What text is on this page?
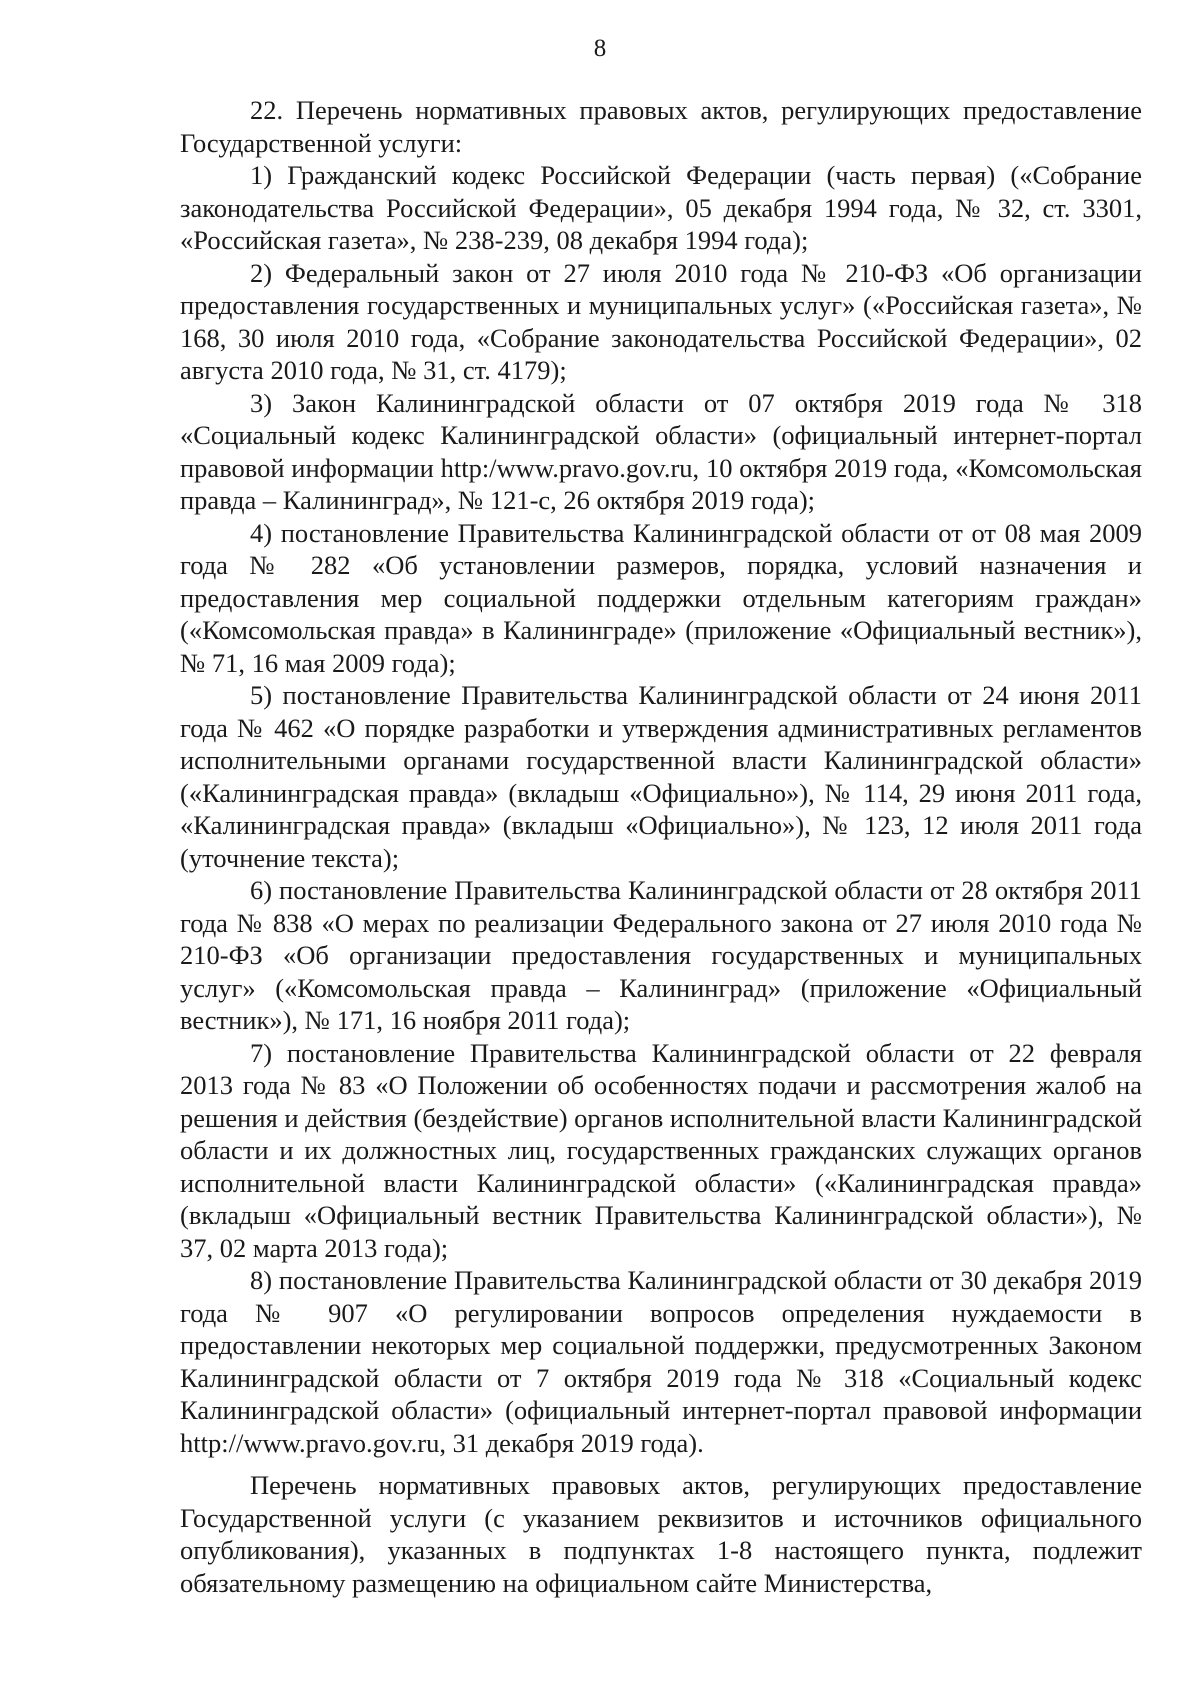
8

22. Перечень нормативных правовых актов, регулирующих предоставление Государственной услуги:

1) Гражданский кодекс Российской Федерации (часть первая) («Собрание законодательства Российской Федерации», 05 декабря 1994 года, № 32, ст. 3301, «Российская газета», № 238-239, 08 декабря 1994 года);

2) Федеральный закон от 27 июля 2010 года № 210-ФЗ «Об организации предоставления государственных и муниципальных услуг» («Российская газета», № 168, 30 июля 2010 года, «Собрание законодательства Российской Федерации», 02 августа 2010 года, № 31, ст. 4179);

3) Закон Калининградской области от 07 октября 2019 года № 318 «Социальный кодекс Калининградской области» (официальный интернет-портал правовой информации http:/www.pravo.gov.ru, 10 октября 2019 года, «Комсомольская правда – Калининград», № 121-с, 26 октября 2019 года);

4) постановление Правительства Калининградской области от от 08 мая 2009 года № 282 «Об установлении размеров, порядка, условий назначения и предоставления мер социальной поддержки отдельным категориям граждан» («Комсомольская правда» в Калининграде» (приложение «Официальный вестник»), № 71, 16 мая 2009 года);

5) постановление Правительства Калининградской области от 24 июня 2011 года № 462 «О порядке разработки и утверждения административных регламентов исполнительными органами государственной власти Калининградской области» («Калининградская правда» (вкладыш «Официально»), № 114, 29 июня 2011 года, «Калининградская правда» (вкладыш «Официально»), № 123, 12 июля 2011 года (уточнение текста);

6) постановление Правительства Калининградской области от 28 октября 2011 года № 838 «О мерах по реализации Федерального закона от 27 июля 2010 года № 210-ФЗ «Об организации предоставления государственных и муниципальных услуг» («Комсомольская правда – Калининград» (приложение «Официальный вестник»), № 171, 16 ноября 2011 года);

7) постановление Правительства Калининградской области от 22 февраля 2013 года № 83 «О Положении об особенностях подачи и рассмотрения жалоб на решения и действия (бездействие) органов исполнительной власти Калининградской области и их должностных лиц, государственных гражданских служащих органов исполнительной власти Калининградской области» («Калининградская правда» (вкладыш «Официальный вестник Правительства Калининградской области»), № 37, 02 марта 2013 года);

8) постановление Правительства Калининградской области от 30 декабря 2019 года № 907 «О регулировании вопросов определения нуждаемости в предоставлении некоторых мер социальной поддержки, предусмотренных Законом Калининградской области от 7 октября 2019 года № 318 «Социальный кодекс Калининградской области» (официальный интернет-портал правовой информации http://www.pravo.gov.ru, 31 декабря 2019 года).

Перечень нормативных правовых актов, регулирующих предоставление Государственной услуги (с указанием реквизитов и источников официального опубликования), указанных в подпунктах 1-8 настоящего пункта, подлежит обязательному размещению на официальном сайте Министерства,
